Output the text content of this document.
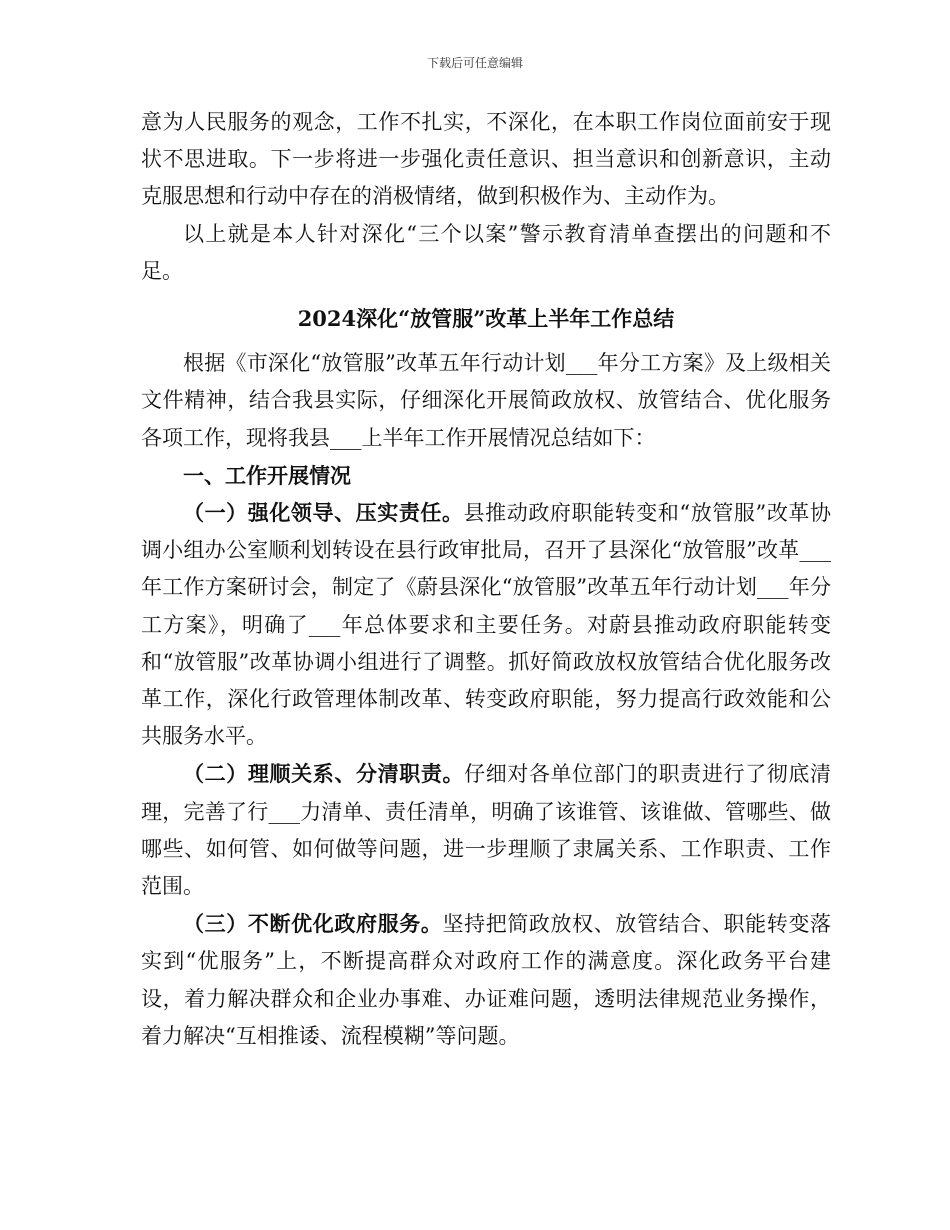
下载后可任意编辑

意为人民服务的观念，工作不扎实，不深化，在本职工作岗位面前安于现状不思进取。下一步将进一步强化责任意识、担当意识和创新意识，主动克服思想和行动中存在的消极情绪，做到积极作为、主动作为。

以上就是本人针对深化“三个以案”警示教育清单查摆出的问题和不足。

2024深化“放管服”改革上半年工作总结

根据《市深化“放管服”改革五年行动计划___年分工方案》及上级相关文件精神，结合我县实际，仔细深化开展简政放权、放管结合、优化服务各项工作，现将我县___上半年工作开展情况总结如下：

一、工作开展情况

（一）强化领导、压实责任。县推动政府职能转变和“放管服”改革协调小组办公室顺利划转设在县行政审批局，召开了县深化“放管服”改革___年工作方案研讨会，制定了《蔚县深化“放管服”改革五年行动计划___年分工方案》，明确了___年总体要求和主要任务。对蔚县推动政府职能转变和“放管服”改革协调小组进行了调整。抓好简政放权放管结合优化服务改革工作，深化行政管理体制改革、转变政府职能，努力提高行政效能和公共服务水平。

（二）理顺关系、分清职责。仔细对各单位部门的职责进行了彻底清理，完善了行___力清单、责任清单，明确了该谁管、该谁做、管哪些、做哪些、如何管、如何做等问题，进一步理顺了隶属关系、工作职责、工作范围。

（三）不断优化政府服务。坚持把简政放权、放管结合、职能转变落实到“优服务”上，不断提高群众对政府工作的满意度。深化政务平台建设，着力解决群众和企业办事难、办证难问题，透明法律规范业务操作，着力解决“互相推诿、流程模糊”等问题。
